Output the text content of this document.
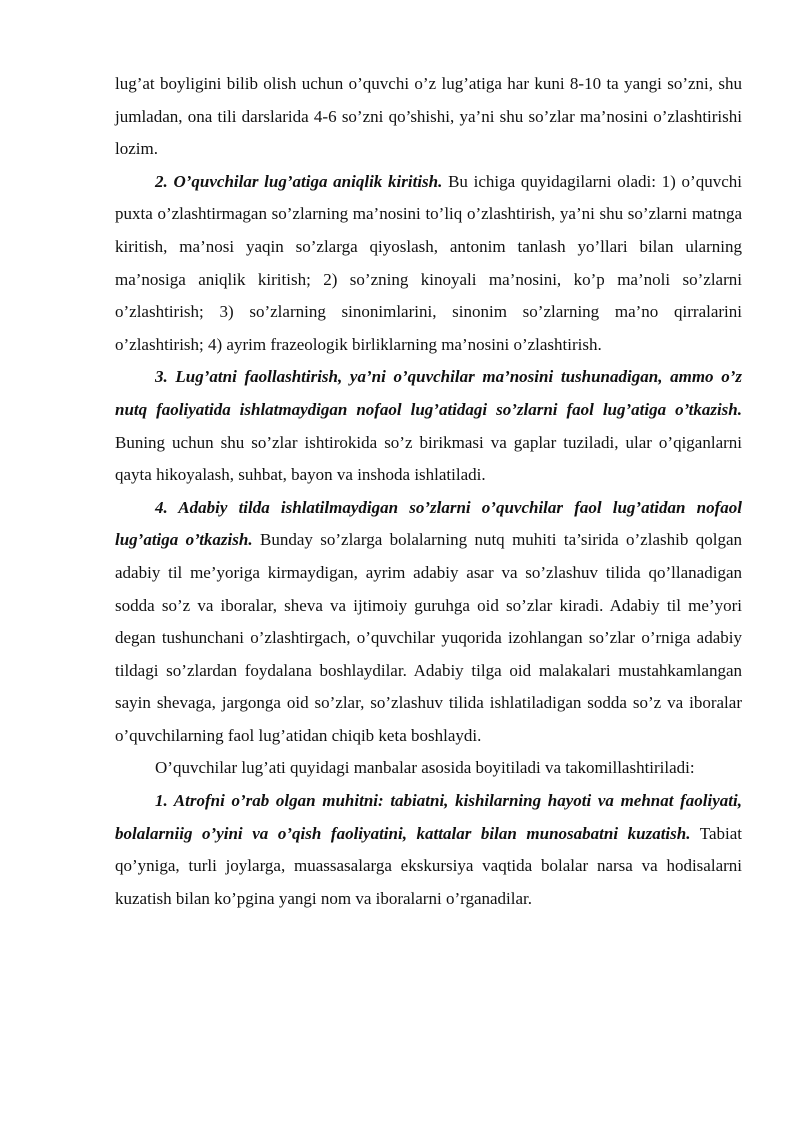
lug’at boyligini bilib olish uchun o’quvchi o’z lug’atiga har kuni 8-10 ta yangi so’zni, shu jumladan, ona tili darslarida 4-6 so’zni qo’shishi, ya’ni shu so’zlar ma’nosini o’zlashtirishi lozim.

2. O’quvchilar lug’atiga aniqlik kiritish. Bu ichiga quyidagilarni oladi: 1) o’quvchi puxta o’zlashtirmagan so’zlarning ma’nosini to’liq o’zlashtirish, ya’ni shu so’zlarni matnga kiritish, ma’nosi yaqin so’zlarga qiyoslash, antonim tanlash yo’llari bilan ularning ma’nosiga aniqlik kiritish; 2) so’zning kinoyali ma’nosini, ko’p ma’noli so’zlarni o’zlashtirish; 3) so’zlarning sinonimlarini, sinonim so’zlarning ma’no qirralarini o’zlashtirish; 4) ayrim frazeologik birliklarning ma’nosini o’zlashtirish.

3. Lug’atni faollashtirish, ya’ni o’quvchilar ma’nosini tushunadigan, ammo o’z nutq faoliyatida ishlatmaydigan nofaol lug’atidagi so’zlarni faol lug’atiga o’tkazish. Buning uchun shu so’zlar ishtirokida so’z birikmasi va gaplar tuziladi, ular o’qiganlarni qayta hikoyalash, suhbat, bayon va inshoda ishlatiladi.

4. Adabiy tilda ishlatilmaydigan so’zlarni o’quvchilar faol lug’atidan nofaol lug’atiga o’tkazish. Bunday so’zlarga bolalarning nutq muhiti ta’sirida o’zlashib qolgan adabiy til me’yoriga kirmaydigan, ayrim adabiy asar va so’zlashuv tilida qo’llanadigan sodda so’z va iboralar, sheva va ijtimoiy guruhga oid so’zlar kiradi. Adabiy til me’yori degan tushunchani o’zlashtirgach, o’quvchilar yuqorida izohlangan so’zlar o’rniga adabiy tildagi so’zlardan foydalana boshlaydilar. Adabiy tilga oid malakalari mustahkamlangan sayin shevaga, jargonga oid so’zlar, so’zlashuv tilida ishlatiladigan sodda so’z va iboralar o’quvchilarning faol lug’atidan chiqib keta boshlaydi.

O’quvchilar lug’ati quyidagi manbalar asosida boyitiladi va takomillashtiriladi:

1. Atrofni o’rab olgan muhitni: tabiatni, kishilarning hayoti va mehnat faoliyati, bolalarniig o’yini va o’qish faoliyatini, kattalar bilan munosabatni kuzatish. Tabiat qo’yniga, turli joylarga, muassasalarga ekskursiya vaqtida bolalar narsa va hodisalarni kuzatish bilan ko’pgina yangi nom va iboralarni o’rganadilar.
